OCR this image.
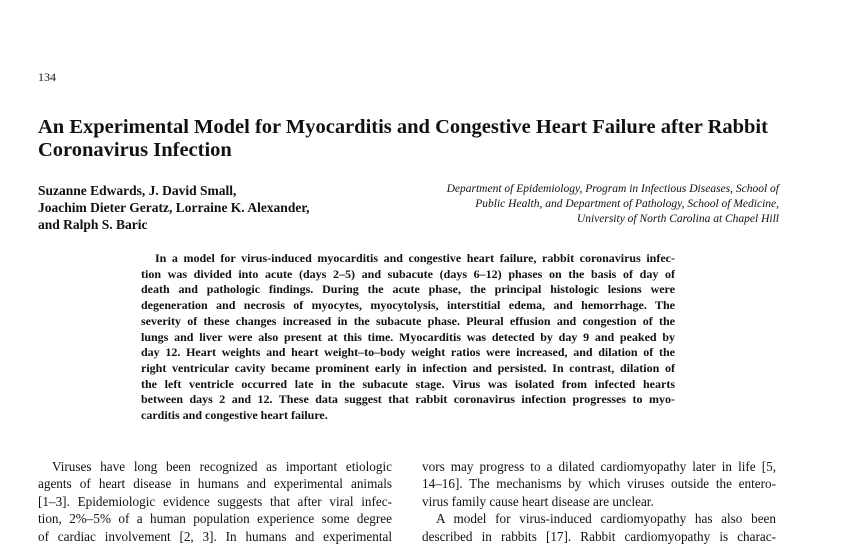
134
An Experimental Model for Myocarditis and Congestive Heart Failure after Rabbit Coronavirus Infection
Suzanne Edwards, J. David Small,
Joachim Dieter Geratz, Lorraine K. Alexander,
and Ralph S. Baric
Department of Epidemiology, Program in Infectious Diseases, School of
Public Health, and Department of Pathology, School of Medicine,
University of North Carolina at Chapel Hill
In a model for virus-induced myocarditis and congestive heart failure, rabbit coronavirus infec-
tion was divided into acute (days 2–5) and subacute (days 6–12) phases on the basis of day of
death and pathologic findings. During the acute phase, the principal histologic lesions were
degeneration and necrosis of myocytes, myocytolysis, interstitial edema, and hemorrhage. The
severity of these changes increased in the subacute phase. Pleural effusion and congestion of the
lungs and liver were also present at this time. Myocarditis was detected by day 9 and peaked by
day 12. Heart weights and heart weight–to–body weight ratios were increased, and dilation of the
right ventricular cavity became prominent early in infection and persisted. In contrast, dilation of
the left ventricle occurred late in the subacute stage. Virus was isolated from infected hearts
between days 2 and 12. These data suggest that rabbit coronavirus infection progresses to myo-
carditis and congestive heart failure.
Viruses have long been recognized as important etiologic
agents of heart disease in humans and experimental animals
[1–3]. Epidemiologic evidence suggests that after viral infec-
tion, 2%–5% of a human population experience some degree
of cardiac involvement [2, 3]. In humans and experimental
vors may progress to a dilated cardiomyopathy later in life [5,
14–16]. The mechanisms by which viruses outside the entero-
virus family cause heart disease are unclear.
A model for virus-induced cardiomyopathy has also been
described in rabbits [17]. Rabbit cardiomyopathy is charac-
